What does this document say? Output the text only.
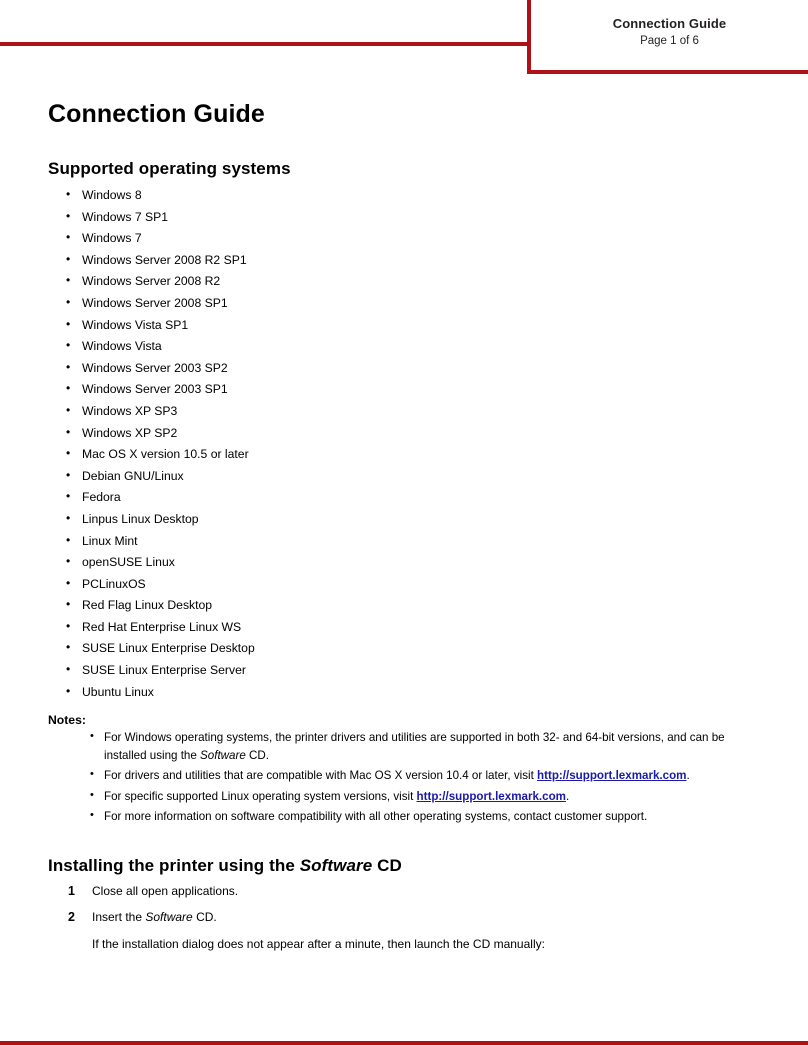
Connection Guide
Page 1 of 6
Connection Guide
Supported operating systems
• Windows 8
• Windows 7 SP1
• Windows 7
• Windows Server 2008 R2 SP1
• Windows Server 2008 R2
• Windows Server 2008 SP1
• Windows Vista SP1
• Windows Vista
• Windows Server 2003 SP2
• Windows Server 2003 SP1
• Windows XP SP3
• Windows XP SP2
• Mac OS X version 10.5 or later
• Debian GNU/Linux
• Fedora
• Linpus Linux Desktop
• Linux Mint
• openSUSE Linux
• PCLinuxOS
• Red Flag Linux Desktop
• Red Hat Enterprise Linux WS
• SUSE Linux Enterprise Desktop
• SUSE Linux Enterprise Server
• Ubuntu Linux
Notes:
• For Windows operating systems, the printer drivers and utilities are supported in both 32- and 64-bit versions, and can be installed using the Software CD.
• For drivers and utilities that are compatible with Mac OS X version 10.4 or later, visit http://support.lexmark.com.
• For specific supported Linux operating system versions, visit http://support.lexmark.com.
• For more information on software compatibility with all other operating systems, contact customer support.
Installing the printer using the Software CD
1 Close all open applications.
2 Insert the Software CD.
If the installation dialog does not appear after a minute, then launch the CD manually:
